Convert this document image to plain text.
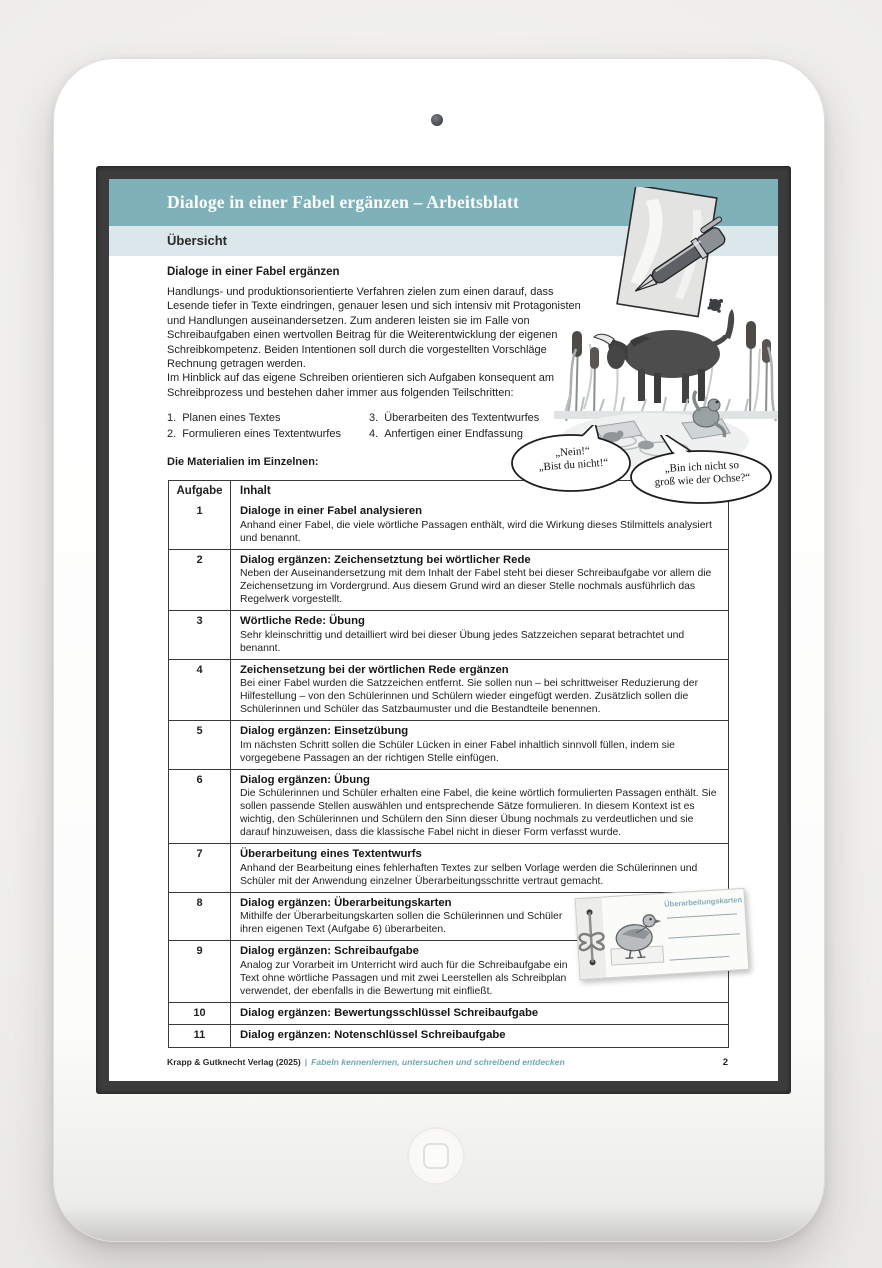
Dialoge in einer Fabel ergänzen – Arbeitsblatt
Übersicht
Dialoge in einer Fabel ergänzen
Handlungs- und produktionsorientierte Verfahren zielen zum einen darauf, dass Lesende tiefer in Texte eindringen, genauer lesen und sich intensiv mit Protagonisten und Handlungen auseinandersetzen. Zum anderen leisten sie im Falle von Schreibaufgaben einen wertvollen Beitrag für die Weiterentwicklung der eigenen Schreibkompetenz. Beiden Intentionen soll durch die vorgestellten Vorschläge Rechnung getragen werden.
Im Hinblick auf das eigene Schreiben orientieren sich Aufgaben konsequent am Schreibprozess und bestehen daher immer aus folgenden Teilschritten:
1. Planen eines Textes	3. Überarbeiten des Textentwurfes
2. Formulieren eines Textentwurfes	4. Anfertigen einer Endfassung
Die Materialien im Einzelnen:
„Nein!“
„Bist du nicht!“	„Bin ich nicht so
groß wie der Ochse?“
Aufgabe	Inhalt
1	Dialoge in einer Fabel analysieren
Anhand einer Fabel, die viele wörtliche Passagen enthält, wird die Wirkung dieses Stilmittels analysiert und benannt.
2	Dialog ergänzen: Zeichensetztung bei wörtlicher Rede
Neben der Auseinandersetzung mit dem Inhalt der Fabel steht bei dieser Schreibaufgabe vor allem die Zeichensetzung im Vordergrund. Aus diesem Grund wird an dieser Stelle nochmals ausführlich das Regelwerk vorgestellt.
3	Wörtliche Rede: Übung
Sehr kleinschrittig und detailliert wird bei dieser Übung jedes Satzzeichen separat betrachtet und benannt.
4	Zeichensetzung bei der wörtlichen Rede ergänzen
Bei einer Fabel wurden die Satzzeichen entfernt. Sie sollen nun – bei schrittweiser Reduzierung der Hilfestellung – von den Schülerinnen und Schülern wieder eingefügt werden. Zusätzlich sollen die Schülerinnen und Schüler das Satzbaumuster und die Bestandteile benennen.
5	Dialog ergänzen: Einsetzübung
Im nächsten Schritt sollen die Schüler Lücken in einer Fabel inhaltlich sinnvoll füllen, indem sie vorgegebene Passagen an der richtigen Stelle einfügen.
6	Dialog ergänzen: Übung
Die Schülerinnen und Schüler erhalten eine Fabel, die keine wörtlich formulierten Passagen enthält. Sie sollen passende Stellen auswählen und entsprechende Sätze formulieren. In diesem Kontext ist es wichtig, den Schülerinnen und Schülern den Sinn dieser Übung nochmals zu verdeutlichen und sie darauf hinzuweisen, dass die klassische Fabel nicht in dieser Form verfasst wurde.
7	Überarbeitung eines Textentwurfs
Anhand der Bearbeitung eines fehlerhaften Textes zur selben Vorlage werden die Schülerinnen und Schüler mit der Anwendung einzelner Überarbeitungsschritte vertraut gemacht.
8	Dialog ergänzen: Überarbeitungskarten
Mithilfe der Überarbeitungskarten sollen die Schülerinnen und Schüler ihren eigenen Text (Aufgabe 6) überarbeiten.
9	Dialog ergänzen: Schreibaufgabe
Analog zur Vorarbeit im Unterricht wird auch für die Schreibaufgabe ein Text ohne wörtliche Passagen und mit zwei Leerstellen als Schreibplan verwendet, der ebenfalls in die Bewertung mit einfließt.
10	Dialog ergänzen: Bewertungsschlüssel Schreibaufgabe
11	Dialog ergänzen: Notenschlüssel Schreibaufgabe
Überarbeitungskarten
Krapp & Gutknecht Verlag (2025) | Fabeln kennenlernen, untersuchen und schreibend entdecken	2
